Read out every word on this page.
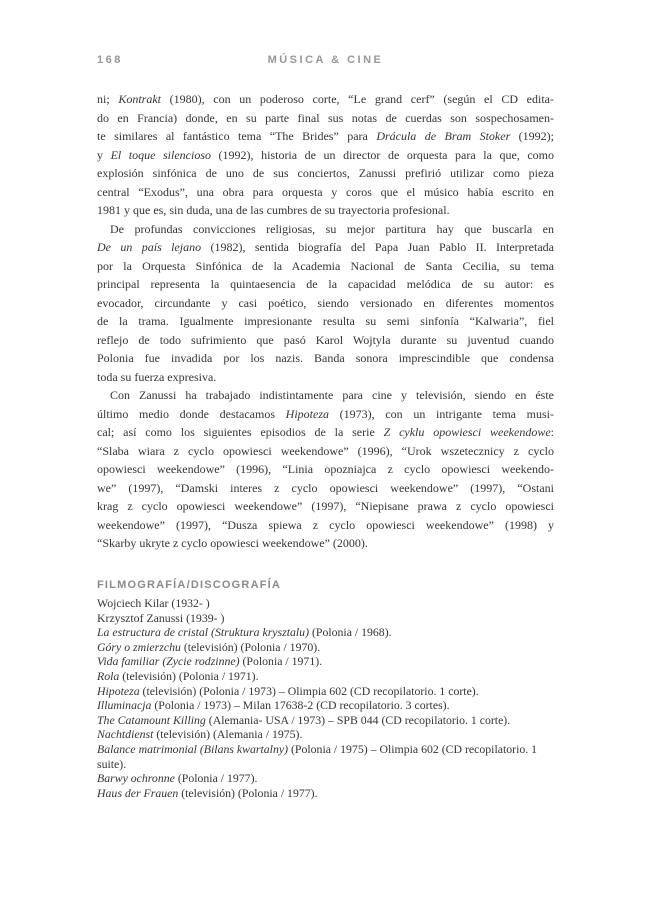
168	MÚSICA & CINE
ni; Kontrakt (1980), con un poderoso corte, “Le grand cerf” (según el CD edita-
do en Francia) donde, en su parte final sus notas de cuerdas son sospechosamen-
te similares al fantástico tema “The Brides” para Drácula de Bram Stoker (1992);
y El toque silencioso (1992), historia de un director de orquesta para la que, como
explosión sinfónica de uno de sus conciertos, Zanussi prefirió utilizar como pieza
central “Exodus”, una obra para orquesta y coros que el músico había escrito en
1981 y que es, sin duda, una de las cumbres de su trayectoria profesional.
De profundas convicciones religiosas, su mejor partitura hay que buscarla en
De un país lejano (1982), sentida biografía del Papa Juan Pablo II. Interpretada
por la Orquesta Sinfónica de la Academia Nacional de Santa Cecilia, su tema
principal representa la quintaesencia de la capacidad melódica de su autor: es
evocador, circundante y casi poético, siendo versionado en diferentes momentos
de la trama. Igualmente impresionante resulta su semi sinfonía “Kalwaria”, fiel
reflejo de todo sufrimiento que pasó Karol Wojtyla durante su juventud cuando
Polonia fue invadida por los nazis. Banda sonora imprescindible que condensa
toda su fuerza expresiva.
Con Zanussi ha trabajado indistintamente para cine y televisión, siendo en éste
último medio donde destacamos Hipoteza (1973), con un intrigante tema musi-
cal; así como los siguientes episodios de la serie Z cyklu opowiesci weekendowe:
“Slaba wiara z cyclo opowiesci weekendowe” (1996), “Urok wszetecznicy z cyclo
opowiesci weekendowe” (1996), “Linia opozniajca z cyclo opowiesci weekendo-
we” (1997), “Damski interes z cyclo opowiesci weekendowe” (1997), “Ostani
krag z cyclo opowiesci weekendowe” (1997), “Niepisane prawa z cyclo opowiesci
weekendowe” (1997), “Dusza spiewa z cyclo opowiesci weekendowe” (1998) y
“Skarby ukryte z cyclo opowiesci weekendowe” (2000).
FILMOGRAFÍA/DISCOGRAFÍA
Wojciech Kilar (1932- )
Krzysztof Zanussi (1939- )
La estructura de cristal (Struktura krysztalu) (Polonia / 1968).
Góry o zmierzchu (televisión) (Polonia / 1970).
Vida familiar (Zycie rodzinne) (Polonia / 1971).
Rola (televisión) (Polonia / 1971).
Hipoteza (televisión) (Polonia / 1973) – Olimpia 602 (CD recopilatorio. 1 corte).
Illuminacja (Polonia / 1973) – Milan 17638-2 (CD recopilatorio. 3 cortes).
The Catamount Killing (Alemania- USA / 1973) – SPB 044 (CD recopilatorio. 1 corte).
Nachtdienst (televisión) (Alemania / 1975).
Balance matrimonial (Bilans kwartalny) (Polonia / 1975) – Olimpia 602 (CD recopilatorio. 1
suite).
Barwy ochronne (Polonia / 1977).
Haus der Frauen (televisión) (Polonia / 1977).
